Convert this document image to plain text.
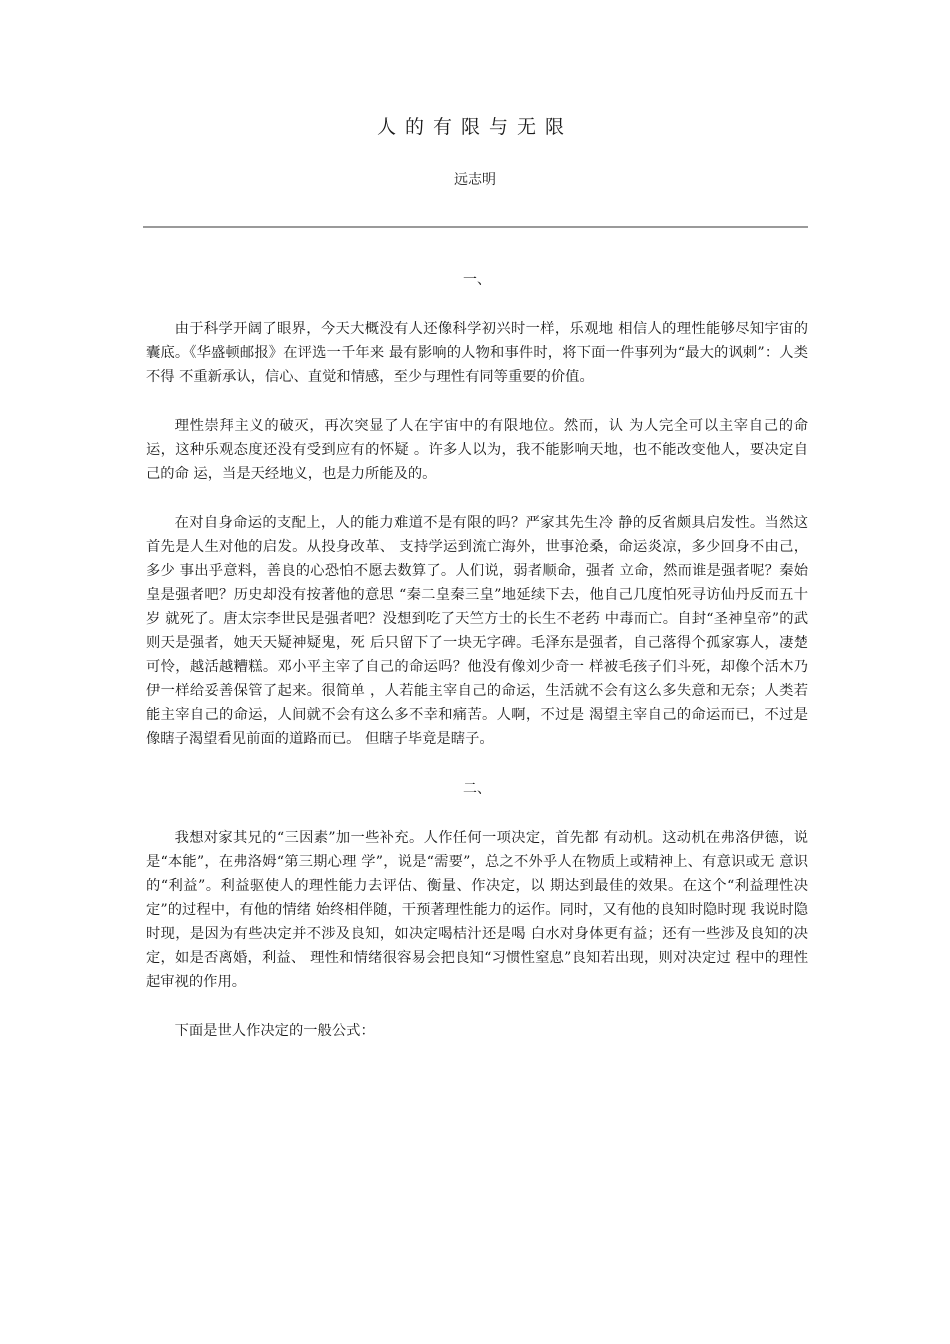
人的有限与无限
远志明
一、

由于科学开阔了眼界，今天大概没有人还像科学初兴时一样，乐观地 相信人的理性能够尽知宇宙的囊底。《华盛顿邮报》在评选一千年来 最有影响的人物和事件时，将下面一件事列为“最大的讽刺”：人类不得 不重新承认，信心、直觉和情感，至少与理性有同等重要的价值。

理性崇拜主义的破灭，再次突显了人在宇宙中的有限地位。然而，认 为人完全可以主宰自己的命运，这种乐观态度还没有受到应有的怀疑 。许多人以为，我不能影响天地，也不能改变他人，要决定自己的命 运，当是天经地义，也是力所能及的。

在对自身命运的支配上，人的能力难道不是有限的吗？严家其先生冷 静的反省颇具启发性。当然这首先是人生对他的启发。从投身改革、 支持学运到流亡海外，世事沧桑，命运炎凉，多少回身不由己，多少 事出乎意料，善良的心恐怕不愿去数算了。人们说，弱者顺命，强者 立命，然而谁是强者呢？秦始皇是强者吧？历史却没有按著他的意思 “秦二皇秦三皇”地延续下去，他自己几度怕死寻访仙丹反而五十岁 就死了。唐太宗李世民是强者吧？没想到吃了天竺方士的长生不老药 中毒而亡。自封“圣神皇帝”的武则天是强者，她天天疑神疑鬼，死 后只留下了一块无字碑。毛泽东是强者，自己落得个孤家寡人，凄楚 可怜，越活越糟糕。邓小平主宰了自己的命运吗？他没有像刘少奇一 样被毛孩子们斗死，却像个活木乃伊一样给妥善保管了起来。很简单 ，人若能主宰自己的命运，生活就不会有这么多失意和无奈；人类若 能主宰自己的命运，人间就不会有这么多不幸和痛苦。人啊，不过是 渴望主宰自己的命运而已，不过是像瞎子渴望看见前面的道路而已。 但瞎子毕竟是瞎子。

二、

我想对家其兄的“三因素”加一些补充。人作任何一项决定，首先都 有动机。这动机在弗洛伊德，说是“本能”，在弗洛姆“第三期心理 学”，说是“需要”，总之不外乎人在物质上或精神上、有意识或无 意识的“利益”。利益驱使人的理性能力去评估、衡量、作决定，以 期达到最佳的效果。在这个“利益理性决定”的过程中，有他的情绪 始终相伴随，干预著理性能力的运作。同时，又有他的良知时隐时现 我说时隐时现，是因为有些决定并不涉及良知，如决定喝桔汁还是喝 白水对身体更有益；还有一些涉及良知的决定，如是否离婚，利益、 理性和情绪很容易会把良知“习惯性窒息”良知若出现，则对决定过 程中的理性起审视的作用。

下面是世人作决定的一般公式：
